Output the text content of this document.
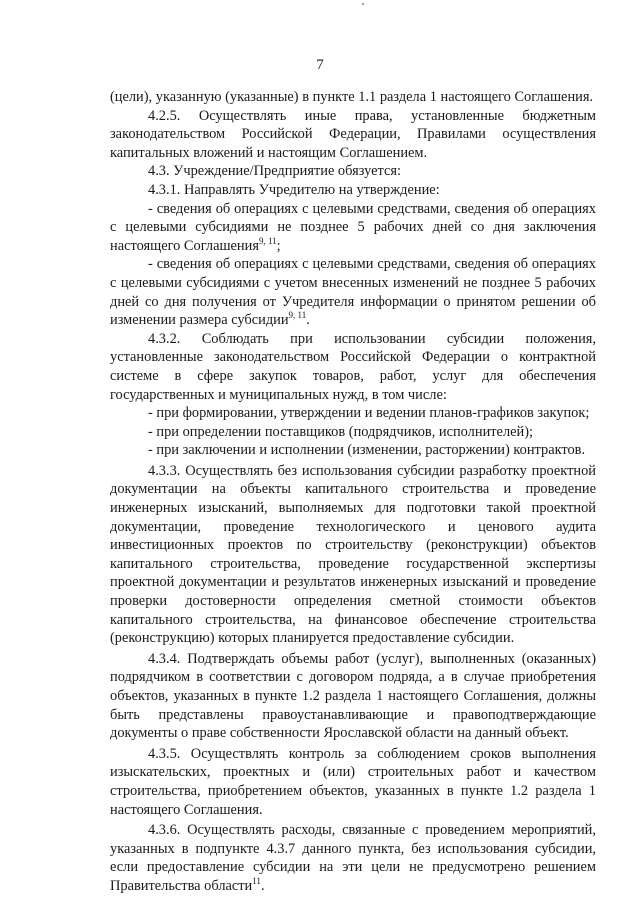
7

(цели), указанную (указанные) в пункте 1.1 раздела 1 настоящего Соглашения.

4.2.5. Осуществлять иные права, установленные бюджетным законодательством Российской Федерации, Правилами осуществления капитальных вложений и настоящим Соглашением.

4.3. Учреждение/Предприятие обязуется:

4.3.1. Направлять Учредителю на утверждение:

- сведения об операциях с целевыми средствами, сведения об операциях с целевыми субсидиями не позднее 5 рабочих дней со дня заключения настоящего Соглашения$^{9, 11}$;

- сведения об операциях с целевыми средствами, сведения об операциях с целевыми субсидиями с учетом внесенных изменений не позднее 5 рабочих дней со дня получения от Учредителя информации о принятом решении об изменении размера субсидии$^{9, 11}$.

4.3.2. Соблюдать при использовании субсидии положения, установленные законодательством Российской Федерации о контрактной системе в сфере закупок товаров, работ, услуг для обеспечения государственных и муниципальных нужд, в том числе:

- при формировании, утверждении и ведении планов-графиков закупок;

- при определении поставщиков (подрядчиков, исполнителей);

- при заключении и исполнении (изменении, расторжении) контрактов.

4.3.3. Осуществлять без использования субсидии разработку проектной документации на объекты капитального строительства и проведение инженерных изысканий, выполняемых для подготовки такой проектной документации, проведение технологического и ценового аудита инвестиционных проектов по строительству (реконструкции) объектов капитального строительства, проведение государственной экспертизы проектной документации и результатов инженерных изысканий и проведение проверки достоверности определения сметной стоимости объектов капитального строительства, на финансовое обеспечение строительства (реконструкцию) которых планируется предоставление субсидии.

4.3.4. Подтверждать объемы работ (услуг), выполненных (оказанных) подрядчиком в соответствии с договором подряда, а в случае приобретения объектов, указанных в пункте 1.2 раздела 1 настоящего Соглашения, должны быть представлены правоустанавливающие и правоподтверждающие документы о праве собственности Ярославской области на данный объект.

4.3.5. Осуществлять контроль за соблюдением сроков выполнения изыскательских, проектных и (или) строительных работ и качеством строительства, приобретением объектов, указанных в пункте 1.2 раздела 1 настоящего Соглашения.

4.3.6. Осуществлять расходы, связанные с проведением мероприятий, указанных в подпункте 4.3.7 данного пункта, без использования субсидии, если предоставление субсидии на эти цели не предусмотрено решением Правительства области$^{11}$.
